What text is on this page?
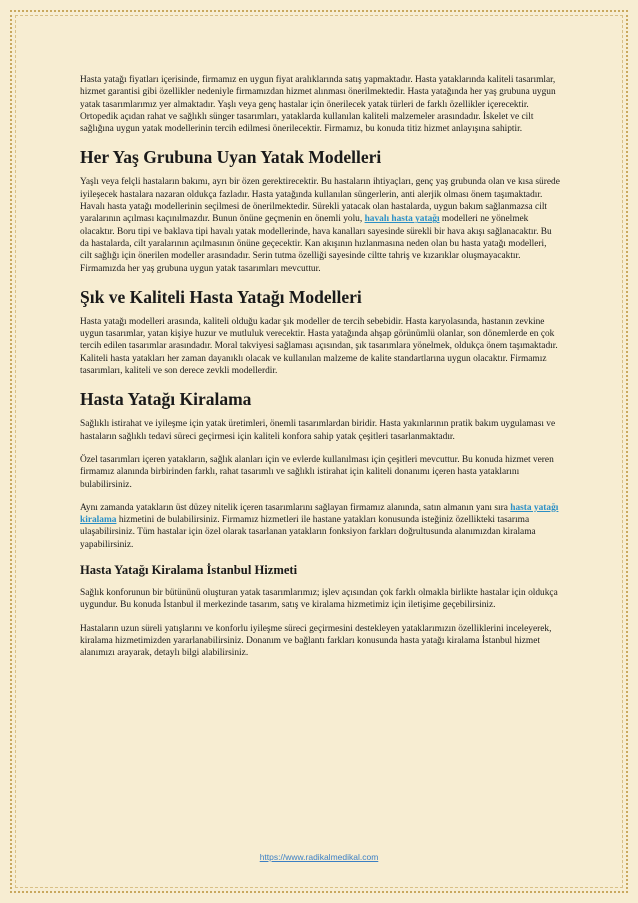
Hasta yatağı fiyatları içerisinde, firmamız en uygun fiyat aralıklarında satış yapmaktadır. Hasta yataklarında kaliteli tasarımlar, hizmet garantisi gibi özellikler nedeniyle firmamızdan hizmet alınması önerilmektedir. Hasta yatağında her yaş grubuna uygun yatak tasarımlarımız yer almaktadır. Yaşlı veya genç hastalar için önerilecek yatak türleri de farklı özellikler içerecektir. Ortopedik açıdan rahat ve sağlıklı sünger tasarımları, yataklarda kullanılan kaliteli malzemeler arasındadır. İskelet ve cilt sağlığına uygun yatak modellerinin tercih edilmesi önerilecektir. Firmamız, bu konuda titiz hizmet anlayışına sahiptir.

Her Yaş Grubuna Uyan Yatak Modelleri

Yaşlı veya felçli hastaların bakımı, ayrı bir özen gerektirecektir. Bu hastaların ihtiyaçları, genç yaş grubunda olan ve kısa sürede iyileşecek hastalara nazaran oldukça fazladır. Hasta yatağında kullanılan süngerlerin, anti alerjik olması önem taşımaktadır. Havalı hasta yatağı modellerinin seçilmesi de önerilmektedir. Sürekli yatacak olan hastalarda, uygun bakım sağlanmazsa cilt yaralarının açılması kaçınılmazdır. Bunun önüne geçmenin en önemli yolu, havalı hasta yatağı modelleri ne yönelmek olacaktır. Boru tipi ve baklava tipi havalı yatak modellerinde, hava kanalları sayesinde sürekli bir hava akışı sağlanacaktır. Bu da hastalarda, cilt yaralarının açılmasının önüne geçecektir. Kan akışının hızlanmasına neden olan bu hasta yatağı modelleri, cilt sağlığı için önerilen modeller arasındadır. Serin tutma özelliği sayesinde ciltte tahriş ve kızarıklar oluşmayacaktır. Firmamızda her yaş grubuna uygun yatak tasarımları mevcuttur.

Şık ve Kaliteli Hasta Yatağı Modelleri

Hasta yatağı modelleri arasında, kaliteli olduğu kadar şık modeller de tercih sebebidir. Hasta karyolasında, hastanın zevkine uygun tasarımlar, yatan kişiye huzur ve mutluluk verecektir. Hasta yatağında ahşap görünümlü olanlar, son dönemlerde en çok tercih edilen tasarımlar arasındadır. Moral takviyesi sağlaması açısından, şık tasarımlara yönelmek, oldukça önem taşımaktadır. Kaliteli hasta yatakları her zaman dayanıklı olacak ve kullanılan malzeme de kalite standartlarına uygun olacaktır. Firmamız tasarımları, kaliteli ve son derece zevkli modellerdir.

Hasta Yatağı Kiralama

Sağlıklı istirahat ve iyileşme için yatak üretimleri, önemli tasarımlardan biridir. Hasta yakınlarının pratik bakım uygulaması ve hastaların sağlıklı tedavi süreci geçirmesi için kaliteli konfora sahip yatak çeşitleri tasarlanmaktadır.

Özel tasarımları içeren yatakların, sağlık alanları için ve evlerde kullanılması için çeşitleri mevcuttur. Bu konuda hizmet veren firmamız alanında birbirinden farklı, rahat tasarımlı ve sağlıklı istirahat için kaliteli donanımı içeren hasta yataklarını bulabilirsiniz.

Aynı zamanda yatakların üst düzey nitelik içeren tasarımlarını sağlayan firmamız alanında, satın almanın yanı sıra hasta yatağı kiralama hizmetini de bulabilirsiniz. Firmamız hizmetleri ile hastane yatakları konusunda isteğiniz özellikteki tasarıma ulaşabilirsiniz. Tüm hastalar için özel olarak tasarlanan yatakların fonksiyon farkları doğrultusunda alanımızdan kiralama yapabilirsiniz.

Hasta Yatağı Kiralama İstanbul Hizmeti

Sağlık konforunun bir bütününü oluşturan yatak tasarımlarımız; işlev açısından çok farklı olmakla birlikte hastalar için oldukça uygundur. Bu konuda İstanbul il merkezinde tasarım, satış ve kiralama hizmetimiz için iletişime geçebilirsiniz.

Hastaların uzun süreli yatışlarını ve konforlu iyileşme süreci geçirmesini destekleyen yataklarımızın özelliklerini inceleyerek, kiralama hizmetimizden yararlanabilirsiniz. Donanım ve bağlantı farkları konusunda hasta yatağı kiralama İstanbul hizmet alanımızı arayarak, detaylı bilgi alabilirsiniz.

https://www.radikalmedikal.com
